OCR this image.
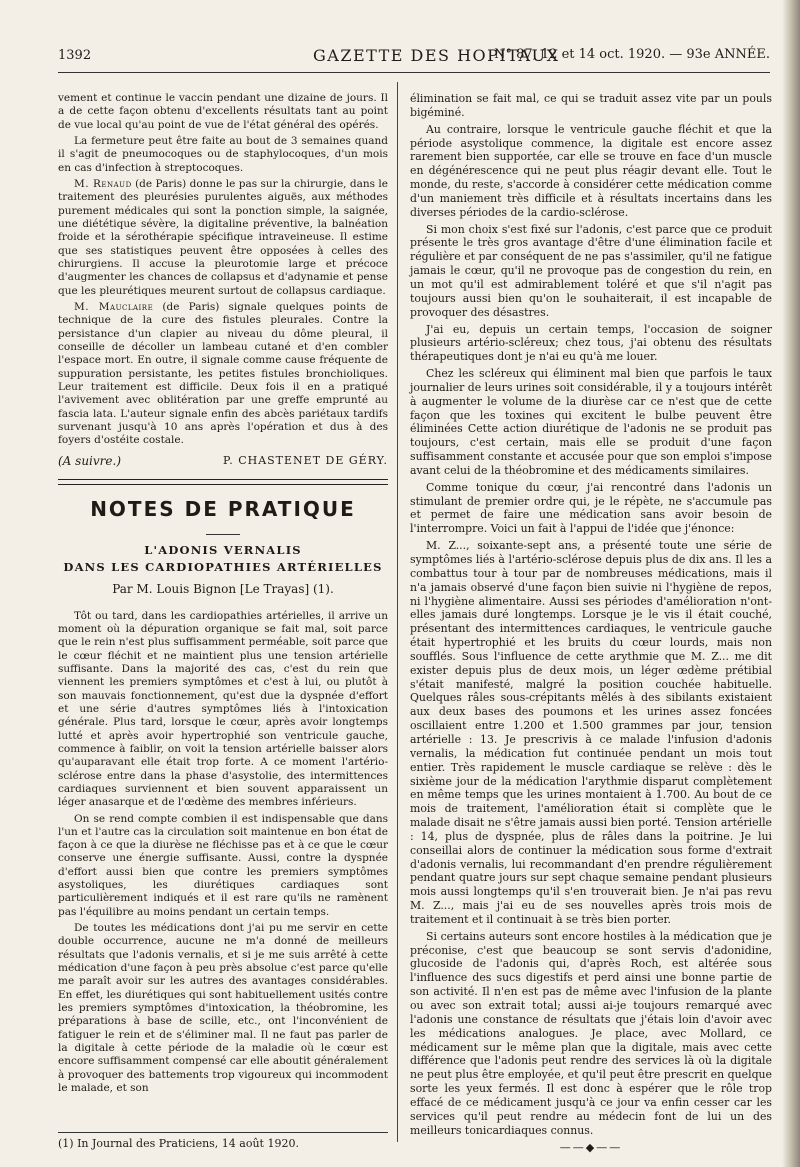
1392	GAZETTE DES HOPITAUX
N° 87, 12 et 14 oct. 1920. — 93e ANNÉE.

vement et continue le vaccin pendant une dizaine de jours. Il a de cette façon obtenu d'excellents résultats tant au point de vue local qu'au point de vue de l'état général des opérés.

La fermeture peut être faite au bout de 3 semaines quand il s'agit de pneumocoques ou de staphylocoques, d'un mois en cas d'infection à streptocoques.

M. Renaud (de Paris) donne le pas sur la chirurgie, dans le traitement des pleurésies purulentes aiguës, aux méthodes purement médicales qui sont la ponction simple, la saignée, une diététique sévère, la digitaline préventive, la balnéation froide et la sérothérapie spécifique intraveineuse. Il estime que ses statistiques peuvent être opposées à celles des chirurgiens. Il accuse la pleurotomie large et précoce d'augmenter les chances de collapsus et d'adynamie et pense que les pleurétiques meurent surtout de collapsus cardiaque.

M. Mauclaire (de Paris) signale quelques points de technique de la cure des fistules pleurales. Contre la persistance d'un clapier au niveau du dôme pleural, il conseille de décoller un lambeau cutané et d'en combler l'espace mort. En outre, il signale comme cause fréquente de suppuration persistante, les petites fistules bronchioliques. Leur traitement est difficile. Deux fois il en a pratiqué l'avivement avec oblitération par une greffe emprunté au fascia lata. L'auteur signale enfin des abcès pariétaux tardifs survenant jusqu'à 10 ans après l'opération et dus à des foyers d'ostéite costale.

(A suivre.)	P. CHASTENET DE GÉRY.
NOTES DE PRATIQUE
L'ADONIS VERNALIS
DANS LES CARDIOPATHIES ARTÉRIELLES
Par M. Louis Bignon [Le Trayas] (1).

Tôt ou tard, dans les cardiopathies artérielles, il arrive un moment où la dépuration organique se fait mal, soit parce que le rein n'est plus suffisamment perméable, soit parce que le cœur fléchit et ne maintient plus une tension artérielle suffisante. Dans la majorité des cas, c'est du rein que viennent les premiers symptômes et c'est à lui, ou plutôt à son mauvais fonctionnement, qu'est due la dyspnée d'effort et une série d'autres symptômes liés à l'intoxication générale. Plus tard, lorsque le cœur, après avoir longtemps lutté et après avoir hypertrophié son ventricule gauche, commence à faiblir, on voit la tension artérielle baisser alors qu'auparavant elle était trop forte. A ce moment l'artério-sclérose entre dans la phase d'asystolie, des intermittences cardiaques surviennent et bien souvent apparaissent un léger anasarque et de l'œdème des membres inférieurs.

On se rend compte combien il est indispensable que dans l'un et l'autre cas la circulation soit maintenue en bon état de façon à ce que la diurèse ne fléchisse pas et à ce que le cœur conserve une énergie suffisante. Aussi, contre la dyspnée d'effort aussi bien que contre les premiers symptômes asystoliques, les diurétiques cardiaques sont particulièrement indiqués et il est rare qu'ils ne ramènent pas l'équilibre au moins pendant un certain temps.

De toutes les médications dont j'ai pu me servir en cette double occurrence, aucune ne m'a donné de meilleurs résultats que l'adonis vernalis, et si je me suis arrêté à cette médication d'une façon à peu près absolue c'est parce qu'elle me paraît avoir sur les autres des avantages considérables. En effet, les diurétiques qui sont habituellement usités contre les premiers symptômes d'intoxication, la théobromine, les préparations à base de scille, etc., ont l'inconvénient de fatiguer le rein et de s'éliminer mal. Il ne faut pas parler de la digitale à cette période de la maladie où le cœur est encore suffisamment compensé car elle aboutit généralement à provoquer des battements trop vigoureux qui incommodent le malade, et son

(1) In Journal des Praticiens, 14 août 1920.

élimination se fait mal, ce qui se traduit assez vite par un pouls bigéminé.

Au contraire, lorsque le ventricule gauche fléchit et que la période asystolique commence, la digitale est encore assez rarement bien supportée, car elle se trouve en face d'un muscle en dégénérescence qui ne peut plus réagir devant elle. Tout le monde, du reste, s'accorde à considérer cette médication comme d'un maniement très difficile et à résultats incertains dans les diverses périodes de la cardio-sclérose.

Si mon choix s'est fixé sur l'adonis, c'est parce que ce produit présente le très gros avantage d'être d'une élimination facile et régulière et par conséquent de ne pas s'assimiler, qu'il ne fatigue jamais le cœur, qu'il ne provoque pas de congestion du rein, en un mot qu'il est admirablement toléré et que s'il n'agit pas toujours aussi bien qu'on le souhaiterait, il est incapable de provoquer des désastres.

J'ai eu, depuis un certain temps, l'occasion de soigner plusieurs artério-scléreux; chez tous, j'ai obtenu des résultats thérapeutiques dont je n'ai eu qu'à me louer.

Chez les scléreux qui éliminent mal bien que parfois le taux journalier de leurs urines soit considérable, il y a toujours intérêt à augmenter le volume de la diurèse car ce n'est que de cette façon que les toxines qui excitent le bulbe peuvent être éliminées Cette action diurétique de l'adonis ne se produit pas toujours, c'est certain, mais elle se produit d'une façon suffisamment constante et accusée pour que son emploi s'impose avant celui de la théobromine et des médicaments similaires.

Comme tonique du cœur, j'ai rencontré dans l'adonis un stimulant de premier ordre qui, je le répète, ne s'accumule pas et permet de faire une médication sans avoir besoin de l'interrompre. Voici un fait à l'appui de l'idée que j'énonce:

M. Z..., soixante-sept ans, a présenté toute une série de symptômes liés à l'artério-sclérose depuis plus de dix ans. Il les a combattus tour à tour par de nombreuses médications, mais il n'a jamais observé d'une façon bien suivie ni l'hygiène de repos, ni l'hygiène alimentaire. Aussi ses périodes d'amélioration n'ont-elles jamais duré longtemps. Lorsque je le vis il était couché, présentant des intermittences cardiaques, le ventricule gauche était hypertrophié et les bruits du cœur lourds, mais non soufflés. Sous l'influence de cette arythmie que M. Z... me dit exister depuis plus de deux mois, un léger œdème prétibial s'était manifesté, malgré la position couchée habituelle. Quelques râles sous-crépitants mêlés à des sibilants existaient aux deux bases des poumons et les urines assez foncées oscillaient entre 1.200 et 1.500 grammes par jour, tension artérielle : 13. Je prescrivis à ce malade l'infusion d'adonis vernalis, la médication fut continuée pendant un mois tout entier. Très rapidement le muscle cardiaque se relève : dès le sixième jour de la médication l'arythmie disparut complètement en même temps que les urines montaient à 1.700. Au bout de ce mois de traitement, l'amélioration était si complète que le malade disait ne s'être jamais aussi bien porté. Tension artérielle : 14, plus de dyspnée, plus de râles dans la poitrine. Je lui conseillai alors de continuer la médication sous forme d'extrait d'adonis vernalis, lui recommandant d'en prendre régulièrement pendant quatre jours sur sept chaque semaine pendant plusieurs mois aussi longtemps qu'il s'en trouverait bien. Je n'ai pas revu M. Z..., mais j'ai eu de ses nouvelles après trois mois de traitement et il continuait à se très bien porter.

Si certains auteurs sont encore hostiles à la médication que je préconise, c'est que beaucoup se sont servis d'adonidine, glucoside de l'adonis qui, d'après Roch, est altérée sous l'influence des sucs digestifs et perd ainsi une bonne partie de son activité. Il n'en est pas de même avec l'infusion de la plante ou avec son extrait total; aussi ai-je toujours remarqué avec l'adonis une constance de résultats que j'étais loin d'avoir avec les médications analogues. Je place, avec Mollard, ce médicament sur le même plan que la digitale, mais avec cette différence que l'adonis peut rendre des services là où la digitale ne peut plus être employée, et qu'il peut être prescrit en quelque sorte les yeux fermés. Il est donc à espérer que le rôle trop effacé de ce médicament jusqu'à ce jour va enfin cesser car les services qu'il peut rendre au médecin font de lui un des meilleurs tonicardiaques connus.

——◆——
